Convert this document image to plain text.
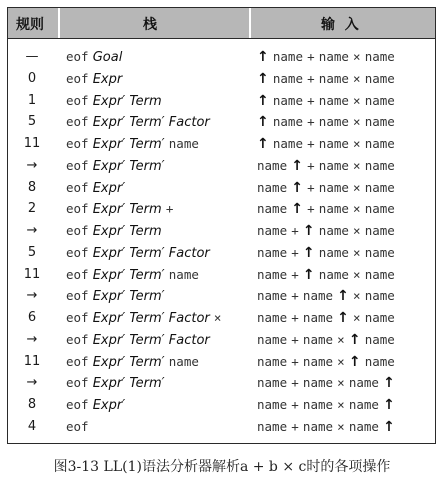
规则	栈	输  入
—	eof Goal	↑ name + name × name
0	eof Expr	↑ name + name × name
1	eof Expr′ Term	↑ name + name × name
5	eof Expr′ Term′ Factor	↑ name + name × name
11	eof Expr′ Term′ name	↑ name + name × name
→	eof Expr′ Term′	name ↑ + name × name
8	eof Expr′	name ↑ + name × name
2	eof Expr′ Term +	name ↑ + name × name
→	eof Expr′ Term	name + ↑ name × name
5	eof Expr′ Term′ Factor	name + ↑ name × name
11	eof Expr′ Term′ name	name + ↑ name × name
→	eof Expr′ Term′	name + name ↑ × name
6	eof Expr′ Term′ Factor ×	name + name ↑ × name
→	eof Expr′ Term′ Factor	name + name × ↑ name
11	eof Expr′ Term′ name	name + name × ↑ name
→	eof Expr′ Term′	name + name × name ↑
8	eof Expr′	name + name × name ↑
4	eof	name + name × name ↑
图3-13 LL(1)语法分析器解析a + b × c时的各项操作
